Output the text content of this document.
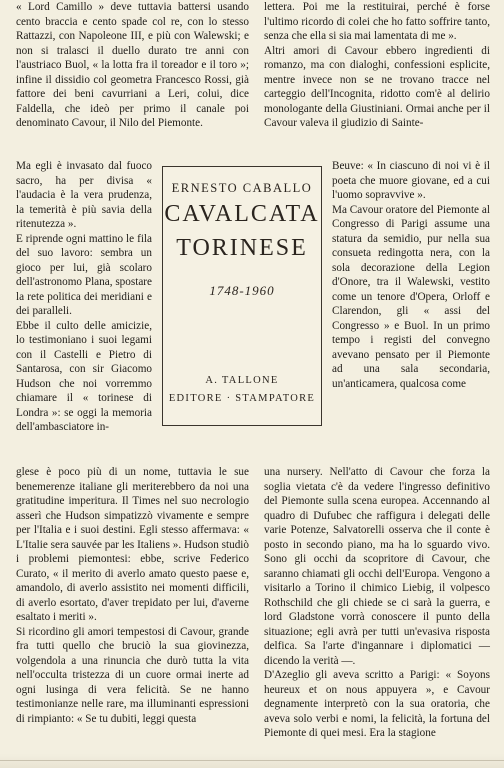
« Lord Camillo » deve tuttavia battersi usando cento braccia e cento spade col re, con lo stesso Rattazzi, con Napoleone III, e più con Walewski; e non si tralasci il duello durato tre anni con l'austriaco Buol, « la lotta fra il toreador e il toro »; infine il dissidio col geometra Francesco Rossi, già fattore dei beni cavurriani a Leri, colui, dice Faldella, che ideò per primo il canale poi denominato Cavour, il Nilo del Piemonte.

lettera. Poi me la restituirai, perché è forse l'ultimo ricordo di colei che ho fatto soffrire tanto, senza che ella si sia mai lamentata di me ».

Altri amori di Cavour ebbero ingredienti di romanzo, ma con dialoghi, confessioni esplicite, mentre invece non se ne trovano tracce nel carteggio dell'Incognita, ridotto com'è al delirio monologante della Giustiniani. Ormai anche per il Cavour valeva il giudizio di Sainte-

Ma egli è invasato dal fuoco sacro, ha per divisa « l'audacia è la vera prudenza, la temerità è più savia della ritenutezza ».

E riprende ogni mattino le fila del suo lavoro: sembra un gioco per lui, già scolaro dell'astronomo Plana, spostare la rete politica dei meridiani e dei paralleli.

Ebbe il culto delle amicizie, lo testimoniano i suoi legami con il Castelli e Pietro di Santarosa, con sir Giacomo Hudson che noi vorremmo chiamare il « torinese di Londra »: se oggi la memoria dell'ambasciatore in-

Beuve: « In ciascuno di noi vi è il poeta che muore giovane, ed a cui l'uomo sopravvive ».

Ma Cavour oratore del Piemonte al Congresso di Parigi assume una statura da semidio, pur nella sua consueta redingotta nera, con la sola decorazione della Legion d'Onore, tra il Walewski, vestito come un tenore d'Opera, Orloff e Clarendon, gli « assi del Congresso » e Buol. In un primo tempo i registi del convegno avevano pensato per il Piemonte ad una sala secondaria, un'anticamera, qualcosa come

glese è poco più di un nome, tuttavia le sue benemerenze italiane gli meriterebbero da noi una gratitudine imperitura. Il Times nel suo necrologio asserì che Hudson simpatizzò vivamente e sempre per l'Italia e i suoi destini. Egli stesso affermava: « L'Italie sera sauvée par les Italiens ». Hudson studiò i problemi piemontesi: ebbe, scrive Federico Curato, « il merito di averlo amato questo paese e, amandolo, di averlo assistito nei momenti difficili, di averlo esortato, d'aver trepidato per lui, d'averne esaltato i meriti ».

Si ricordino gli amori tempestosi di Cavour, grande fra tutti quello che bruciò la sua giovinezza, volgendola a una rinuncia che durò tutta la vita nell'occulta tristezza di un cuore ormai inerte ad ogni lusinga di vera felicità. Se ne hanno testimonianze nelle rare, ma illuminanti espressioni di rimpianto: « Se tu dubiti, leggi questa

una nursery. Nell'atto di Cavour che forza la soglia vietata c'è da vedere l'ingresso definitivo del Piemonte sulla scena europea. Accennando al quadro di Dufubec che raffigura i delegati delle varie Potenze, Salvatorelli osserva che il conte è posto in secondo piano, ma ha lo sguardo vivo. Sono gli occhi da scopritore di Cavour, che saranno chiamati gli occhi dell'Europa. Vengono a visitarlo a Torino il chimico Liebig, il volpesco Rothschild che gli chiede se ci sarà la guerra, e lord Gladstone vorrà conoscere il punto della situazione; egli avrà per tutti un'evasiva risposta delfica. Sa l'arte d'ingannare i diplomatici — dicendo la verità —.

D'Azeglio gli aveva scritto a Parigi: « Soyons heureux et on nous appuyera », e Cavour degnamente interpretò con la sua oratoria, che aveva solo verbi e nomi, la felicità, la fortuna del Piemonte di quei mesi. Era la stagione

ERNESTO CABALLO
CAVALCATA
TORINESE
1748-1960
A. TALLONE
EDITORE · STAMPATORE
